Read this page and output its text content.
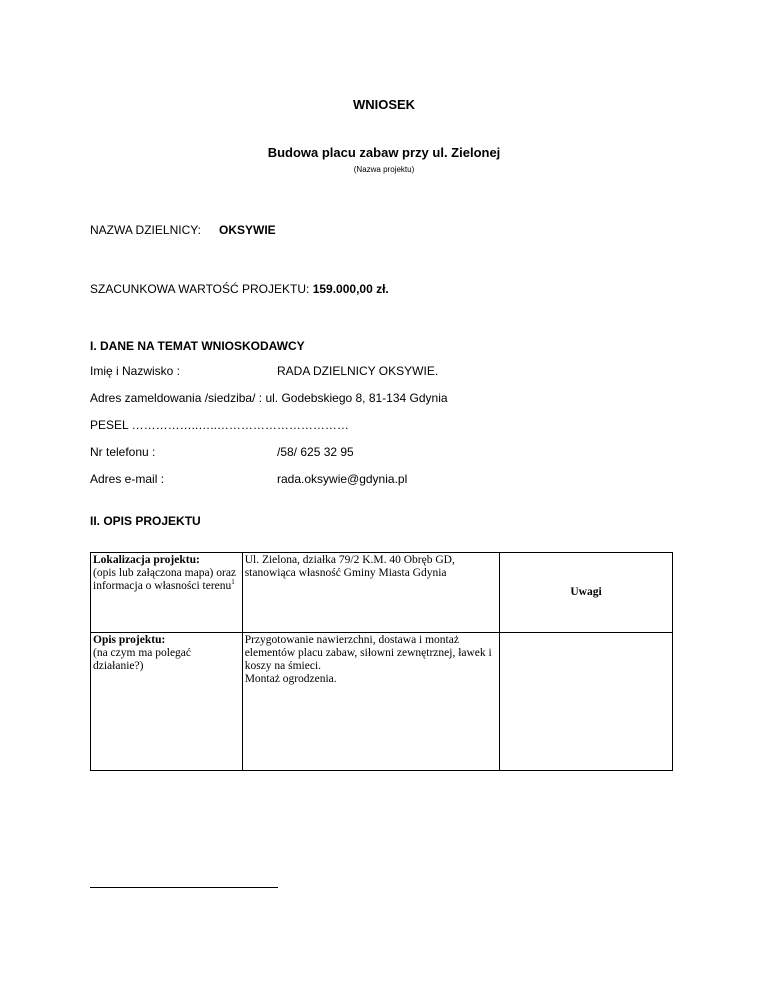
WNIOSEK
Budowa placu zabaw przy ul. Zielonej
(Nazwa projektu)
NAZWA DZIELNICY: OKSYWIE
SZACUNKOWA WARTOŚĆ PROJEKTU: 159.000,00 zł.
I. DANE NA TEMAT WNIOSKODAWCY
Imię i Nazwisko :	RADA DZIELNICY OKSYWIE.
Adres zameldowania /siedziba/ : ul. Godebskiego 8, 81-134 Gdynia
PESEL ……………..…..……………………………
Nr telefonu :	/58/ 625 32 95
Adres e-mail :	rada.oksywie@gdynia.pl
II. OPIS PROJEKTU
Lokalizacja projektu:
(opis lub załączona mapa) oraz informacja o własności terenu$^1$	Ul. Zielona, działka 79/2 K.M. 40 Obręb GD, stanowiąca własność Gminy Miasta Gdynia	Uwagi
Opis projektu:
(na czym ma polegać działanie?)	Przygotowanie nawierzchni, dostawa i montaż elementów placu zabaw, siłowni zewnętrznej, ławek i koszy na śmieci.
Montaż ogrodzenia.	
